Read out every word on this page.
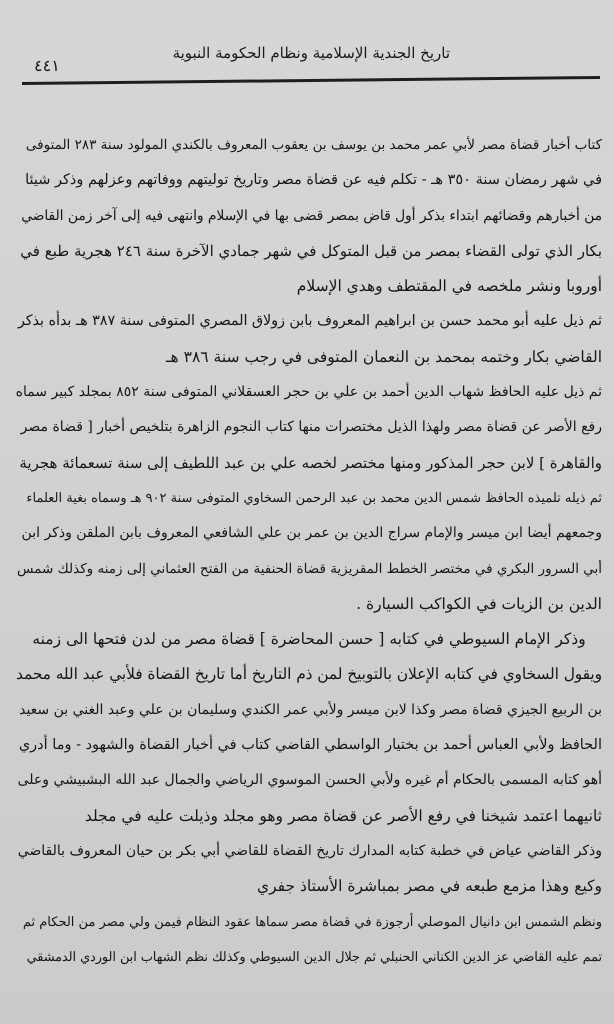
تاريخ الجندية الإسلامية ونظام الحكومة النبوية
٤٤١
كتاب أخبار قضاة مصر لأبي عمر محمد بن يوسف بن يعقوب المعروف بالكندي المولود سنة ٢٨٣ المتوفى
في شهر رمضان سنة ٣٥٠ هـ - تكلم فيه عن قضاة مصر وتاريخ توليتهم ووفاتهم وعزلهم وذكر شيئا
من أخبارهم وقضائهم ابتداء بذكر أول قاض بمصر قضى بها في الإسلام وانتهى فيه إلى آخر زمن القاضي
بكار الذي تولى القضاء بمصر من قبل المتوكل في شهر جمادي الآخرة سنة ٢٤٦ هجرية طبع في
أوروبا ونشر ملخصه في المقتطف وهدي الإسلام
ثم ذيل عليه أبو محمد حسن بن ابراهيم المعروف بابن زولاق المصري المتوفى سنة ٣٨٧ هـ بدأه بذكر
القاضي بكار وختمه بمحمد بن النعمان المتوفى في رجب سنة ٣٨٦ هـ
ثم ذيل عليه الحافظ شهاب الدين أحمد بن علي بن حجر العسقلاني المتوفى سنة ٨٥٢ بمجلد كبير سماه
رفع الأصر عن قضاة مصر ولهذا الذيل مختصرات منها كتاب النجوم الزاهرة بتلخيص أخبار [ قضاة مصر
والقاهرة ] لابن حجر المذكور ومنها مختصر لخصه علي بن عبد اللطيف إلى سنة تسعمائة هجرية
ثم ذيله تلميذه الحافظ شمس الدين محمد بن عبد الرحمن السخاوي المتوفى سنة ٩٠٢ هـ وسماه بغية العلماء
وجمعهم أيضا ابن ميسر والإمام سراج الدين بن عمر بن علي الشافعي المعروف بابن الملقن وذكر ابن
أبي السرور البكري في مختصر الخطط المقريزية قضاة الحنفية من الفتح العثماني إلى زمنه وكذلك شمس
الدين بن الزيات في الكواكب السيارة .
وذكر الإمام السيوطي في كتابه [ حسن المحاضرة ] قضاة مصر من لدن فتحها الى زمنه
ويقول السخاوي في كتابه الإعلان بالتوبيخ لمن ذم التاريخ أما تاريخ القضاة فلأبي عبد الله محمد
بن الربيع الجيزي قضاة مصر وكذا لابن ميسر ولأبي عمر الكندي وسليمان بن علي وعبد الغني بن سعيد
الحافظ ولأبي العباس أحمد بن بختيار الواسطي القاضي كتاب في أخبار القضاة والشهود - وما أدري
أهو كتابه المسمى بالحكام أم غيره ولأبي الحسن الموسوي الرياضي والجمال عبد الله البشبيشي وعلى
ثانيهما اعتمد شيخنا في رفع الأصر عن قضاة مصر وهو مجلد وذيلت عليه في مجلد
وذكر القاضي عياض في خطبة كتابه المدارك تاريخ القضاة للقاضي أبي بكر بن حيان المعروف بالقاضي
وكيع وهذا مزمع طبعه في مصر بمباشرة الأستاذ جفري
ونظم الشمس ابن دانيال الموصلي أرجوزة في قضاة مصر سماها عقود النظام فيمن ولي مصر من الحكام ثم
تمم عليه القاضي عز الدين الكناني الحنبلي ثم جلال الدين السيوطي وكذلك نظم الشهاب ابن الوردي الدمشقي
